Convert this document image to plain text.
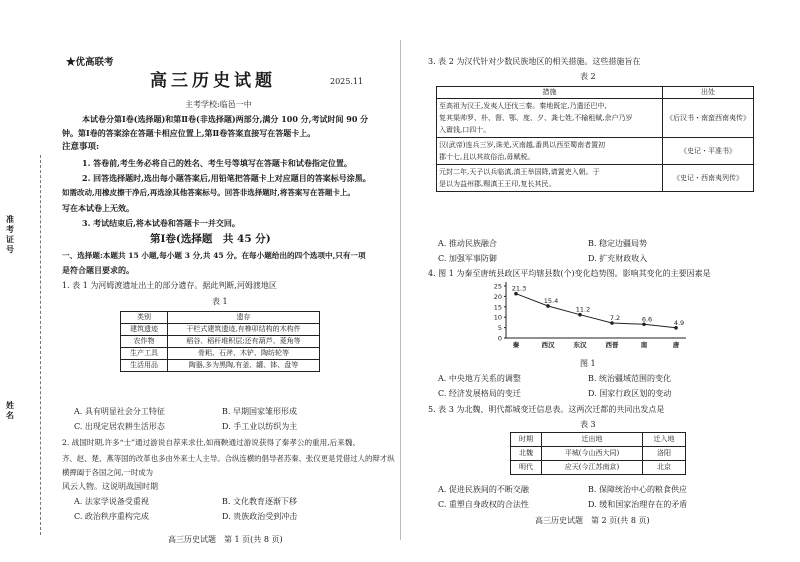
准考证号
姓名
★优高联考
高三历史试题	2025.11
主考学校:临邑一中
本试卷分第Ⅰ卷(选择题)和第Ⅱ卷(非选择题)两部分,满分 100 分,考试时间 90 分
钟。第Ⅰ卷的答案涂在答题卡相应位置上,第Ⅱ卷答案直接写在答题卡上。
注意事项:
1. 答卷前,考生务必将自己的姓名、考生号等填写在答题卡和试卷指定位置。
2. 回答选择题时,选出每小题答案后,用铅笔把答题卡上对应题目的答案标号涂黑。
如需改动,用橡皮擦干净后,再选涂其他答案标号。回答非选择题时,将答案写在答题卡上。
写在本试卷上无效。
3. 考试结束后,将本试卷和答题卡一并交回。
第Ⅰ卷(选择题　共 45 分)
一、选择题:本题共 15 小题,每小题 3 分,共 45 分。在每小题给出的四个选项中,只有一项
是符合题目要求的。
1. 表 1 为河姆渡遗址出土的部分遗存。据此判断,河姆渡地区
表 1
类别	遗存
建筑遗迹	干栏式建筑遗迹,有榫卯结构的木构件
农作物	稻谷、稻秆堆积层;还有葫芦、菱角等
生产工具	骨耜、石斧、木铲、陶纺轮等
生活用品	陶器,多为黑陶,有釜、罐、钵、盘等
A. 具有明显社会分工特征	B. 早期国家雏形形成
C. 出现定居农耕生活形态	D. 手工业以纺织为主
2. 战国时期,许多“士”通过游说自荐来求仕,如商鞅通过游说获得了秦孝公的重用,后来魏、
齐、赵、楚、燕等国的改革也多由外来士人主导。合纵连横的倡导者苏秦、张仪更是凭借过人的辩才纵横捭阖于各国之间,一时成为
风云人物。这说明战国时期
A. 法家学说备受重视	B. 文化教育逐渐下移
C. 政治秩序重构完成	D. 贵族政治受到冲击
高三历史试题　第 1 页(共 8 页)
3. 表 2 为汉代针对少数民族地区的相关措施。这些措施旨在
表 2
措施	出处

至高祖为汉王,发夷人还伐三秦。秦地既定,乃遣还巴中,
复其渠帅罗、朴、督、鄂、度、夕、龚七姓,不输租赋,余户乃岁
入賨钱,口四十。	《后汉书・南蛮西南夷传》

汉(武帝)连兵三岁,诛羌,灭南越,番禺以西至蜀南者置初
郡十七,且以其故俗治,毋赋税。	《史记・平准书》

元封二年,天子以兵临滇,滇王举国降,请置吏入朝。于
是以为益州郡,赐滇王王印,复长其民。	《史记・西南夷列传》
A. 推动民族融合	B. 稳定边疆局势
C. 加强军事防御	D. 扩充财政收入
4. 图 1 为秦至唐统县政区平均辖县数(个)变化趋势图。影响其变化的主要因素是
0
5
10
15
20
25 21.3
秦
15.4
西汉
11.2
东汉
7.2
西晋
6.6
南
4.9
唐
图 1
A. 中央地方关系的调整	B. 统治疆域范围的变化
C. 经济发展格局的变迁	D. 国家行政区划的变动
5. 表 3 为北魏、明代都城变迁信息表。这两次迁都的共同出发点是
表 3
时期	迁出地	迁入地
北魏	平城(今山西大同)	洛阳
明代	应天(今江苏南京)	北京
A. 促进民族间的不断交融	B. 保障统治中心的粮食供应
C. 重塑自身政权的合法性	D. 缓和国家治理存在的矛盾
高三历史试题　第 2 页(共 8 页)
